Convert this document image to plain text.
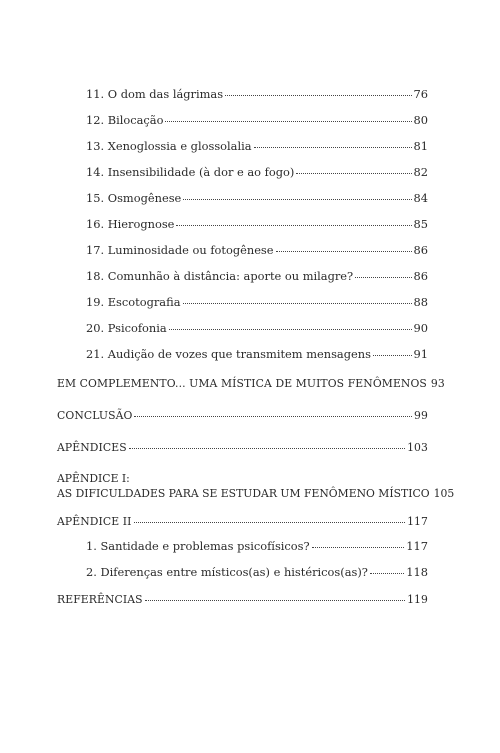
11. O dom das lágrimas	76
12. Bilocação	80
13. Xenoglossia e glossolalia	81
14. Insensibilidade (à dor e ao fogo)	82
15. Osmogênese	84
16. Hierognose	85
17. Luminosidade ou fotogênese	86
18. Comunhão à distância: aporte ou milagre?	86
19. Escotografia	88
20. Psicofonia	90
21. Audição de vozes que transmitem mensagens	91
EM COMPLEMENTO... UMA MÍSTICA DE MUITOS FENÔMENOS 93
CONCLUSÃO	99
APÊNDICES	103
APÊNDICE I:
AS DIFICULDADES PARA SE ESTUDAR UM FENÔMENO MÍSTICO 105
APÊNDICE II	117
1. Santidade e problemas psicofísicos?	117
2. Diferenças entre místicos(as) e histéricos(as)?	118
REFERÊNCIAS	119
